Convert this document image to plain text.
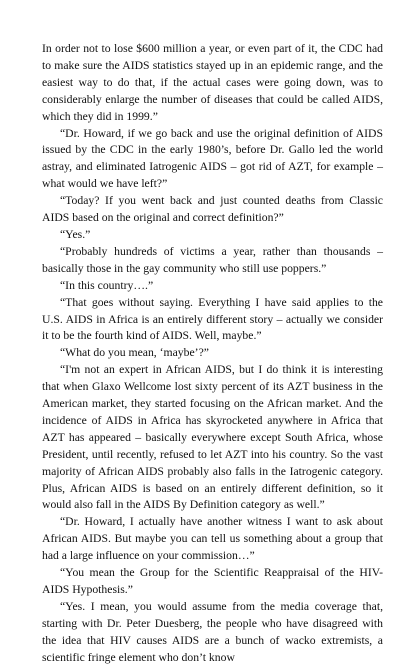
In order not to lose $600 million a year, or even part of it, the CDC had to make sure the AIDS statistics stayed up in an epidemic range, and the easiest way to do that, if the actual cases were going down, was to considerably enlarge the number of diseases that could be called AIDS, which they did in 1999.”

“Dr. Howard, if we go back and use the original definition of AIDS issued by the CDC in the early 1980’s, before Dr. Gallo led the world astray, and eliminated Iatrogenic AIDS – got rid of AZT, for example – what would we have left?”

“Today? If you went back and just counted deaths from Classic AIDS based on the original and correct definition?”

“Yes.”

“Probably hundreds of victims a year, rather than thousands – basically those in the gay community who still use poppers.”

“In this country….”

“That goes without saying. Everything I have said applies to the U.S. AIDS in Africa is an entirely different story – actually we consider it to be the fourth kind of AIDS. Well, maybe.”

“What do you mean, ‘maybe’?”

“I'm not an expert in African AIDS, but I do think it is interesting that when Glaxo Wellcome lost sixty percent of its AZT business in the American market, they started focusing on the African market. And the incidence of AIDS in Africa has skyrocketed anywhere in Africa that AZT has appeared – basically everywhere except South Africa, whose President, until recently, refused to let AZT into his country. So the vast majority of African AIDS probably also falls in the Iatrogenic category. Plus, African AIDS is based on an entirely different definition, so it would also fall in the AIDS By Definition category as well.”

“Dr. Howard, I actually have another witness I want to ask about African AIDS. But maybe you can tell us something about a group that had a large influence on your commission…”

“You mean the Group for the Scientific Reappraisal of the HIV-AIDS Hypothesis.”

“Yes. I mean, you would assume from the media coverage that, starting with Dr. Peter Duesberg, the people who have disagreed with the idea that HIV causes AIDS are a bunch of wacko extremists, a scientific fringe element who don’t know
